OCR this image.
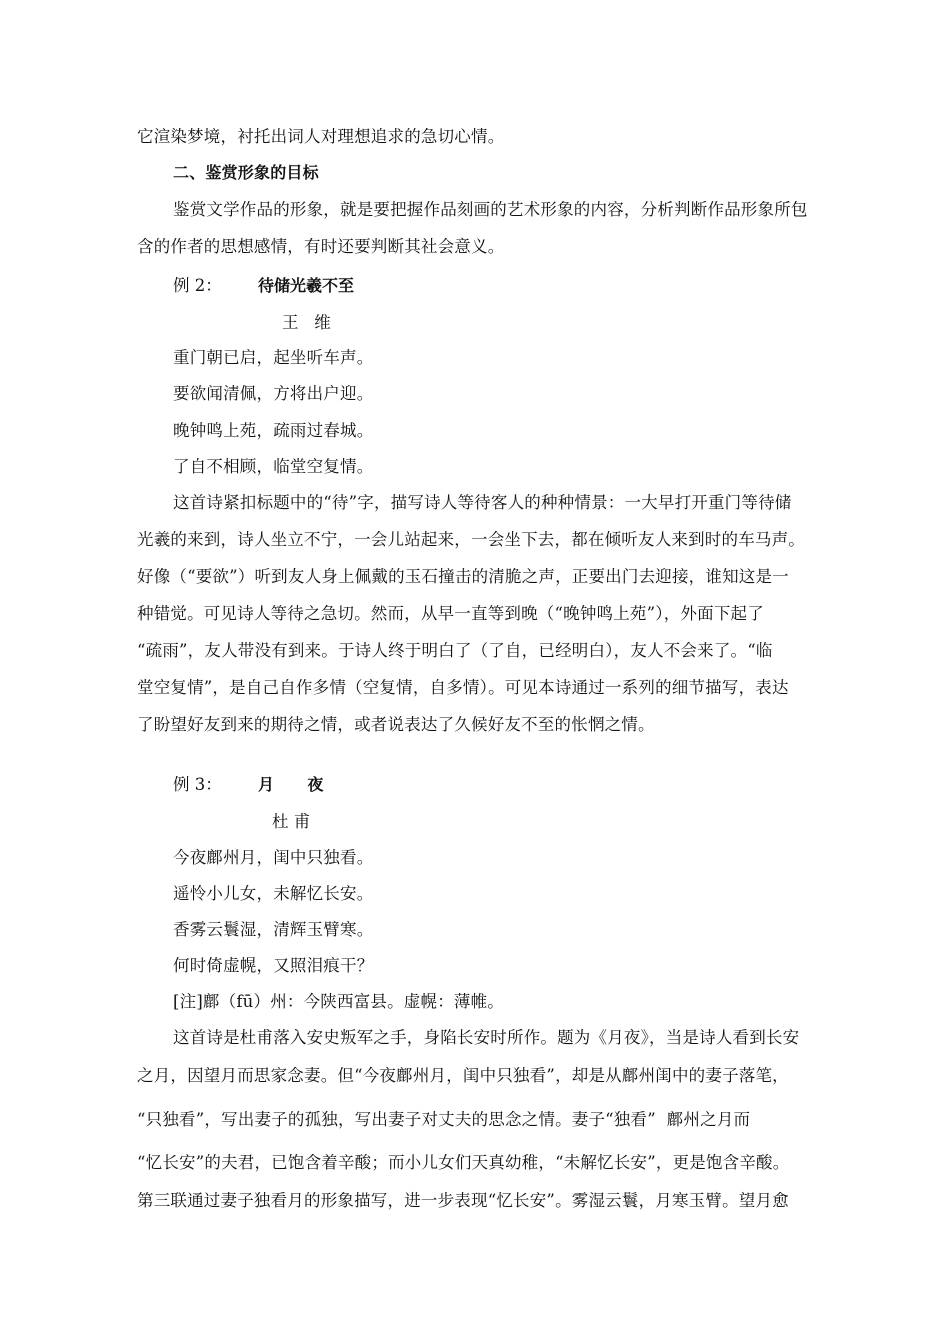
它渲染梦境，衬托出词人对理想追求的急切心情。
二、鉴赏形象的目标
鉴赏文学作品的形象，就是要把握作品刻画的艺术形象的内容，分析判断作品形象所包
含的作者的思想感情，有时还要判断其社会意义。
例 2： 待储光羲不至
王   维
重门朝已启，起坐听车声。
要欲闻清佩，方将出户迎。
晚钟鸣上苑，疏雨过春城。
了自不相顾，临堂空复情。
这首诗紧扣标题中的“待”字，描写诗人等待客人的种种情景：一大早打开重门等待储
光羲的来到，诗人坐立不宁，一会儿站起来，一会坐下去，都在倾听友人来到时的车马声。
好像（“要欲”）听到友人身上佩戴的玉石撞击的清脆之声，正要出门去迎接，谁知这是一
种错觉。可见诗人等待之急切。然而，从早一直等到晚（“晚钟鸣上苑”），外面下起了
“疏雨”，友人带没有到来。于诗人终于明白了（了自，已经明白），友人不会来了。“临
堂空复情”，是自己自作多情（空复情，自多情）。可见本诗通过一系列的细节描写，表达
了盼望好友到来的期待之情，或者说表达了久候好友不至的怅惘之情。
例 3： 月      夜
杜 甫
今夜鄜州月，闺中只独看。
遥怜小儿女，未解忆长安。
香雾云鬟湿，清辉玉臂寒。
何时倚虚幌，又照泪痕干？
[注]鄜（fū）州：今陕西富县。虚幌：薄帷。
这首诗是杜甫落入安史叛军之手，身陷长安时所作。题为《月夜》，当是诗人看到长安
之月，因望月而思家念妻。但“今夜鄜州月，闺中只独看”，却是从鄜州闺中的妻子落笔，
“只独看”，写出妻子的孤独，写出妻子对丈夫的思念之情。妻子“独看”  鄜州之月而
“忆长安”的夫君，已饱含着辛酸；而小儿女们天真幼稚，“未解忆长安”，更是饱含辛酸。
第三联通过妻子独看月的形象描写，进一步表现“忆长安”。雾湿云鬟，月寒玉臂。望月愈
